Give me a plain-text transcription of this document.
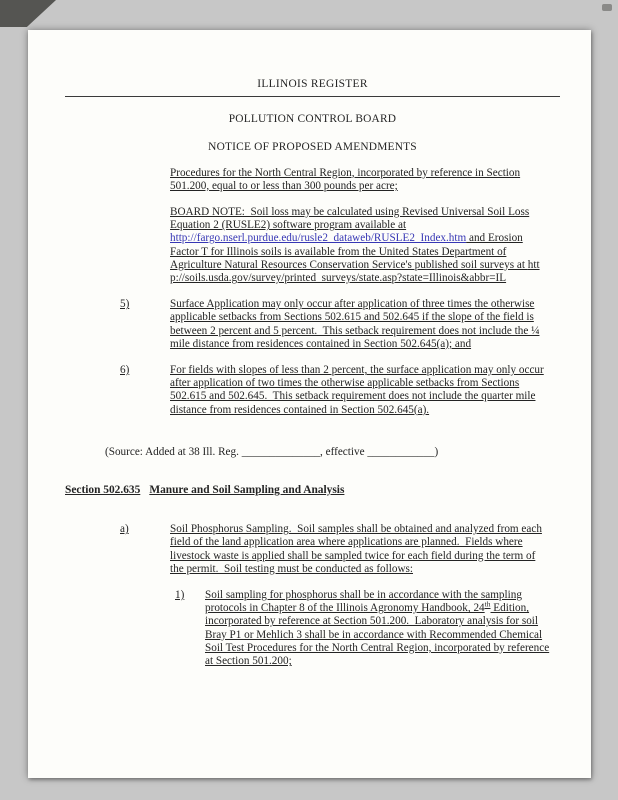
ILLINOIS REGISTER
POLLUTION CONTROL BOARD
NOTICE OF PROPOSED AMENDMENTS

Procedures for the North Central Region, incorporated by reference in Section 501.200, equal to or less than 300 pounds per acre;

BOARD NOTE:  Soil loss may be calculated using Revised Universal Soil Loss Equation 2 (RUSLE2) software program available at http://fargo.nserl.purdue.edu/rusle2_dataweb/RUSLE2_Index.htm and Erosion Factor T for Illinois soils is available from the United States Department of Agriculture Natural Resources Conservation Service's published soil surveys at http://soils.usda.gov/survey/printed_surveys/state.asp?state=Illinois&abbr=IL

5)	Surface Application may only occur after application of three times the otherwise applicable setbacks from Sections 502.615 and 502.645 if the slope of the field is between 2 percent and 5 percent.  This setback requirement does not include the ¼ mile distance from residences contained in Section 502.645(a); and
6)	For fields with slopes of less than 2 percent, the surface application may only occur after application of two times the otherwise applicable setbacks from Sections 502.615 and 502.645.  This setback requirement does not include the quarter mile distance from residences contained in Section 502.645(a).

(Source: Added at 38 Ill. Reg. ______________, effective ____________)

Section 502.635 Manure and Soil Sampling and Analysis

a)	Soil Phosphorus Sampling.  Soil samples shall be obtained and analyzed from each field of the land application area where applications are planned.  Fields where livestock waste is applied shall be sampled twice for each field during the term of the permit.  Soil testing must be conducted as follows:
1)	Soil sampling for phosphorus shall be in accordance with the sampling protocols in Chapter 8 of the Illinois Agronomy Handbook, 24th Edition, incorporated by reference at Section 501.200.  Laboratory analysis for soil Bray P1 or Mehlich 3 shall be in accordance with Recommended Chemical Soil Test Procedures for the North Central Region, incorporated by reference at Section 501.200;
